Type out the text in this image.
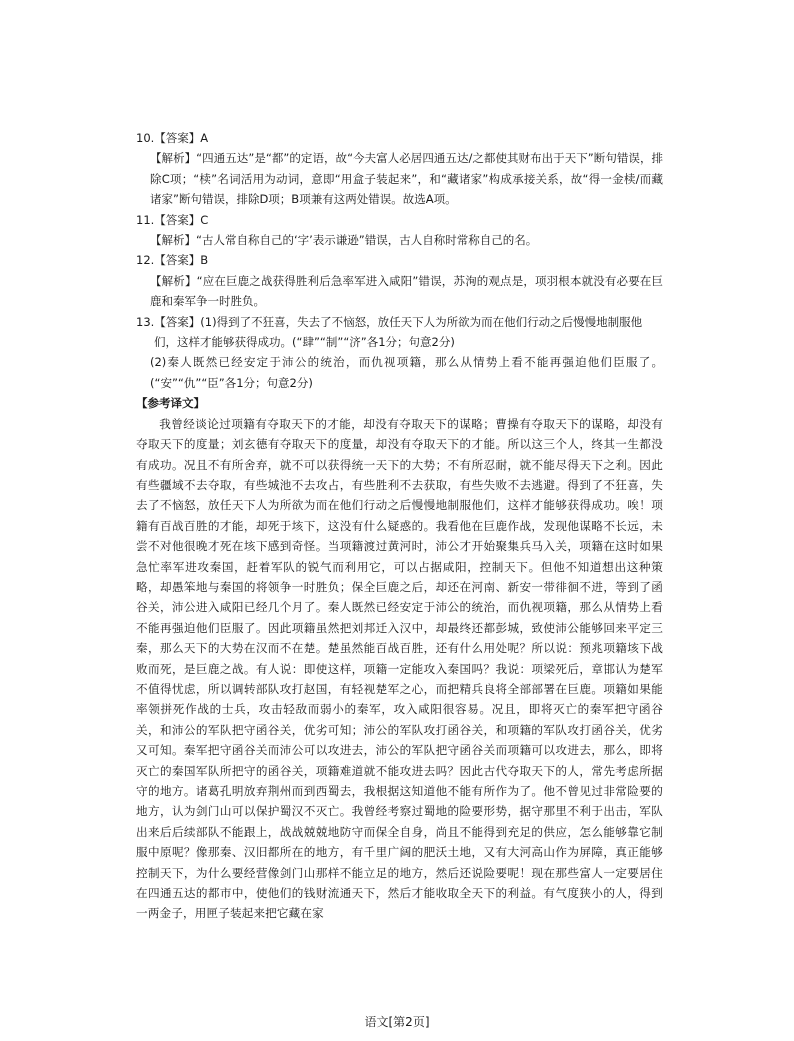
10.【答案】A

【解析】“四通五达”是“都”的定语，故“今夫富人必居四通五达/之都使其财布出于天下”断句错误，排除C项；“椟”名词活用为动词，意即“用盒子装起来”，和“藏诸家”构成承接关系，故“得一金椟/而藏诸家”断句错误，排除D项；B项兼有这两处错误。故选A项。

11.【答案】C

【解析】“古人常自称自己的‘字’表示谦逊”错误，古人自称时常称自己的名。

12.【答案】B

【解析】“应在巨鹿之战获得胜利后急率军进入咸阳”错误，苏洵的观点是，项羽根本就没有必要在巨鹿和秦军争一时胜负。

13.【答案】(1)得到了不狂喜，失去了不恼怒，放任天下人为所欲为而在他们行动之后慢慢地制服他们，这样才能够获得成功。(“肆”“制”“济”各1分；句意2分)

(2)秦人既然已经安定于沛公的统治，而仇视项籍，那么从情势上看不能再强迫他们臣服了。(“安”“仇”“臣”各1分；句意2分)

【参考译文】

我曾经谈论过项籍有夺取天下的才能，却没有夺取天下的谋略；曹操有夺取天下的谋略，却没有夺取天下的度量；刘玄德有夺取天下的度量，却没有夺取天下的才能。所以这三个人，终其一生都没有成功。况且不有所舍弃，就不可以获得统一天下的大势；不有所忍耐，就不能尽得天下之利。因此有些疆域不去夺取，有些城池不去攻占，有些胜利不去获取，有些失败不去逃避。得到了不狂喜，失去了不恼怒，放任天下人为所欲为而在他们行动之后慢慢地制服他们，这样才能够获得成功。唉！项籍有百战百胜的才能，却死于垓下，这没有什么疑惑的。我看他在巨鹿作战，发现他谋略不长远，未尝不对他很晚才死在垓下感到奇怪。当项籍渡过黄河时，沛公才开始聚集兵马入关，项籍在这时如果急忙率军进攻秦国，赶着军队的锐气而利用它，可以占据咸阳，控制天下。但他不知道想出这种策略，却愚笨地与秦国的将领争一时胜负；保全巨鹿之后，却还在河南、新安一带徘徊不进，等到了函谷关，沛公进入咸阳已经几个月了。秦人既然已经安定于沛公的统治，而仇视项籍，那么从情势上看不能再强迫他们臣服了。因此项籍虽然把刘邦迁入汉中，却最终还都彭城，致使沛公能够回来平定三秦，那么天下的大势在汉而不在楚。楚虽然能百战百胜，还有什么用处呢？所以说：预兆项籍垓下战败而死，是巨鹿之战。有人说：即使这样，项籍一定能攻入秦国吗？我说：项梁死后，章邯认为楚军不值得忧虑，所以调转部队攻打赵国，有轻视楚军之心，而把精兵良将全部部署在巨鹿。项籍如果能率领拼死作战的士兵，攻击轻敌而弱小的秦军，攻入咸阳很容易。况且，即将灭亡的秦军把守函谷关，和沛公的军队把守函谷关，优劣可知；沛公的军队攻打函谷关，和项籍的军队攻打函谷关，优劣又可知。秦军把守函谷关而沛公可以攻进去，沛公的军队把守函谷关而项籍可以攻进去，那么，即将灭亡的秦国军队所把守的函谷关，项籍难道就不能攻进去吗？因此古代夺取天下的人，常先考虑所据守的地方。诸葛孔明放弃荆州而到西蜀去，我根据这知道他不能有所作为了。他不曾见过非常险要的地方，认为剑门山可以保护蜀汉不灭亡。我曾经考察过蜀地的险要形势，据守那里不利于出击，军队出来后后续部队不能跟上，战战兢兢地防守而保全自身，尚且不能得到充足的供应，怎么能够靠它制服中原呢？像那秦、汉旧都所在的地方，有千里广阔的肥沃土地，又有大河高山作为屏障，真正能够控制天下，为什么要经营像剑门山那样不能立足的地方，然后还说险要呢！现在那些富人一定要居住在四通五达的都市中，使他们的钱财流通天下，然后才能收取全天下的利益。有气度狭小的人，得到一两金子，用匣子装起来把它藏在家

语文[第2页]
